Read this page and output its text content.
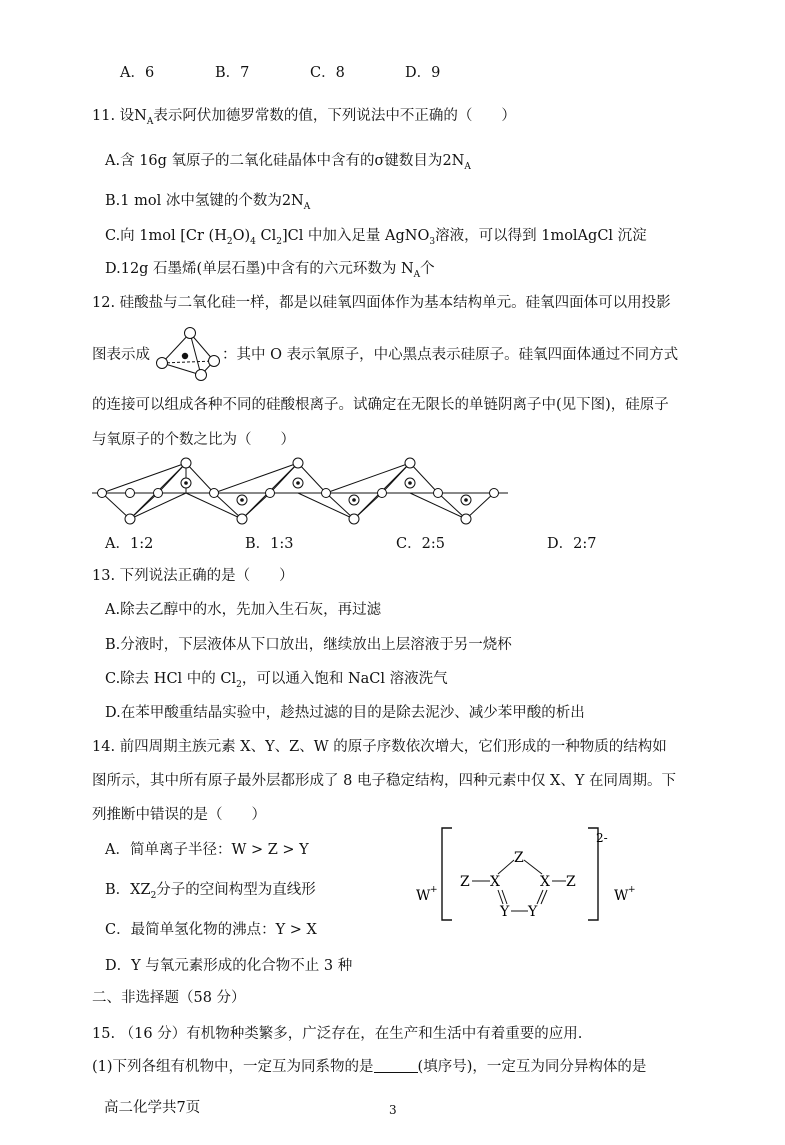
A．6	B．7	C．8	D．9
11. 设$N_A$表示阿伏加德罗常数的值，下列说法中不正确的（　　）
A.含 16g 氧原子的二氧化硅晶体中含有的σ键数目为$2N_A$
B.1 mol 冰中氢键的个数为$2N_A$
C.向 1mol [Cr $(H_2O)_4$ $Cl_2]Cl$ 中加入足量 AgNO$_3$溶液，可以得到 1molAgCl 沉淀
D.12g 石墨烯(单层石墨)中含有的六元环数为 $N_A$个
12. 硅酸盐与二氧化硅一样，都是以硅氧四面体作为基本结构单元。硅氧四面体可以用投影
图表示成	：其中 O 表示氧原子，中心黑点表示硅原子。硅氧四面体通过不同方式
的连接可以组成各种不同的硅酸根离子。试确定在无限长的单链阴离子中(见下图)，硅原子
与氧原子的个数之比为（　　）
A．1:2	B．1:3	C．2:5	D．2:7
13. 下列说法正确的是（　　）
A.除去乙醇中的水，先加入生石灰，再过滤
B.分液时，下层液体从下口放出，继续放出上层溶液于另一烧杯
C.除去 HCl 中的 $Cl_2$，可以通入饱和 NaCl 溶液洗气
D.在苯甲酸重结晶实验中，趁热过滤的目的是除去泥沙、减少苯甲酸的析出
14. 前四周期主族元素 X、Y、Z、W 的原子序数依次增大，它们形成的一种物质的结构如
图所示，其中所有原子最外层都形成了 8 电子稳定结构，四种元素中仅 X、Y 在同周期。下
列推断中错误的是（　　）
A．简单离子半径：W > Z > Y
B．$XZ_2$分子的空间构型为直线形
C．最简单氢化物的沸点：Y > X
D．Y 与氧元素形成的化合物不止 3 种
W +
2-
W +
Z
Z X	X Z
Y Y
二、非选择题（58 分）
15. （16 分）有机物种类繁多，广泛存在，在生产和生活中有着重要的应用.
(1)下列各组有机物中，一定互为同系物的是	(填序号)，一定互为同分异构体的是
高二化学共7页	3
